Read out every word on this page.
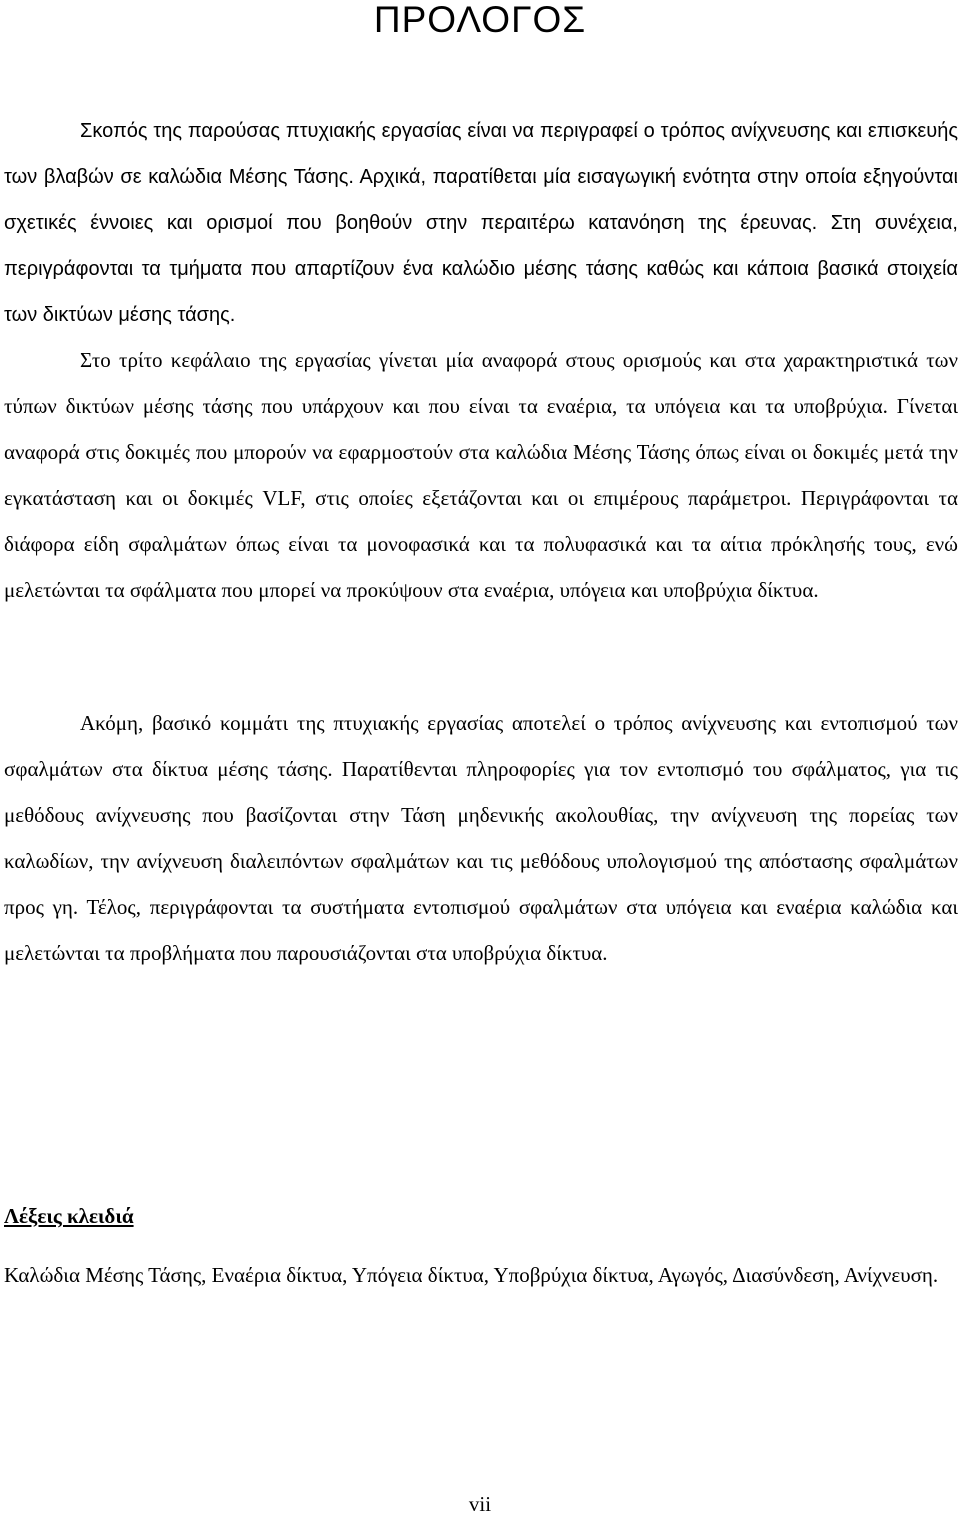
ΠΡΟΛΟΓΟΣ

Σκοπός της παρούσας πτυχιακής εργασίας είναι να περιγραφεί ο τρόπος ανίχνευσης και επισκευής των βλαβών σε καλώδια Μέσης Τάσης. Αρχικά, παρατίθεται μία εισαγωγική ενότητα στην οποία εξηγούνται σχετικές έννοιες και ορισμοί που βοηθούν στην περαιτέρω κατανόηση της έρευνας. Στη συνέχεια, περιγράφονται τα τμήματα που απαρτίζουν ένα καλώδιο μέσης τάσης καθώς και κάποια βασικά στοιχεία των δικτύων μέσης τάσης.

Στο τρίτο κεφάλαιο της εργασίας γίνεται μία αναφορά στους ορισμούς και στα χαρακτηριστικά των τύπων δικτύων μέσης τάσης που υπάρχουν και που είναι τα εναέρια, τα υπόγεια και τα υποβρύχια. Γίνεται αναφορά στις δοκιμές που μπορούν να εφαρμοστούν στα καλώδια Μέσης Τάσης όπως είναι οι δοκιμές μετά την εγκατάσταση και οι δοκιμές VLF, στις οποίες εξετάζονται και οι επιμέρους παράμετροι. Περιγράφονται τα διάφορα είδη σφαλμάτων όπως είναι τα μονοφασικά και τα πολυφασικά και τα αίτια πρόκλησής τους, ενώ μελετώνται τα σφάλματα που μπορεί να προκύψουν στα εναέρια, υπόγεια και υποβρύχια δίκτυα.

Ακόμη, βασικό κομμάτι της πτυχιακής εργασίας αποτελεί ο τρόπος ανίχνευσης και εντοπισμού των σφαλμάτων στα δίκτυα μέσης τάσης. Παρατίθενται πληροφορίες για τον εντοπισμό του σφάλματος, για τις μεθόδους ανίχνευσης που βασίζονται στην Τάση μηδενικής ακολουθίας, την ανίχνευση της πορείας των καλωδίων, την ανίχνευση διαλειπόντων σφαλμάτων και τις μεθόδους υπολογισμού της απόστασης σφαλμάτων προς γη. Τέλος, περιγράφονται τα συστήματα εντοπισμού σφαλμάτων στα υπόγεια και εναέρια καλώδια και μελετώνται τα προβλήματα που παρουσιάζονται στα υποβρύχια δίκτυα.

Λέξεις κλειδιά

Καλώδια Μέσης Τάσης, Εναέρια δίκτυα, Υπόγεια δίκτυα, Υποβρύχια δίκτυα, Αγωγός, Διασύνδεση, Ανίχνευση.

vii
